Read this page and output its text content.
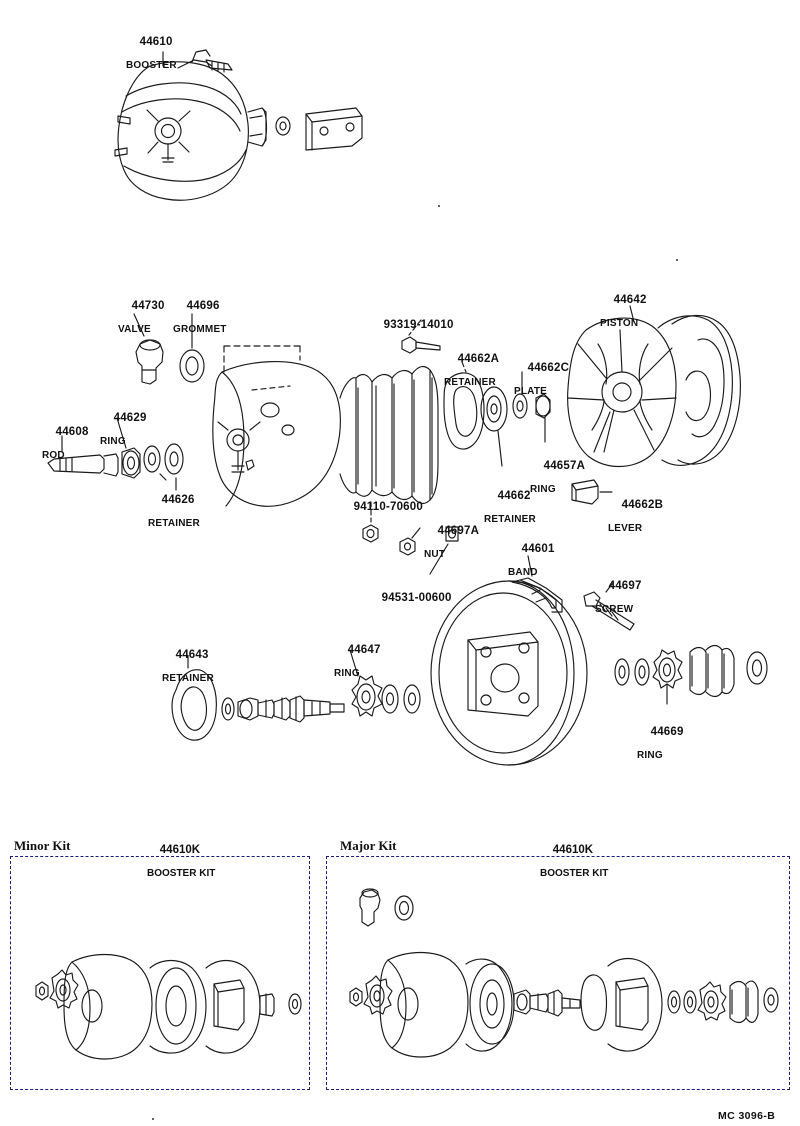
44610

BOOSTER

44730

VALVE

44696

GROMMET

	93319-14010

44642

PISTON

44662A

RETAINER

44662C

PLATE

44608

ROD

44629

RING

44657A

RING

44662B

LEVER

44626

RETAINER

94110-70600

44662

RETAINER

44697A

NUT

	44601

BAND

44697

SCREW

94531-00600

44643

RETAINER

44647

RING

44669

RING

Minor Kit	44610K

BOOSTER KIT

Major Kit	44610K

BOOSTER KIT

MC 3096-B
